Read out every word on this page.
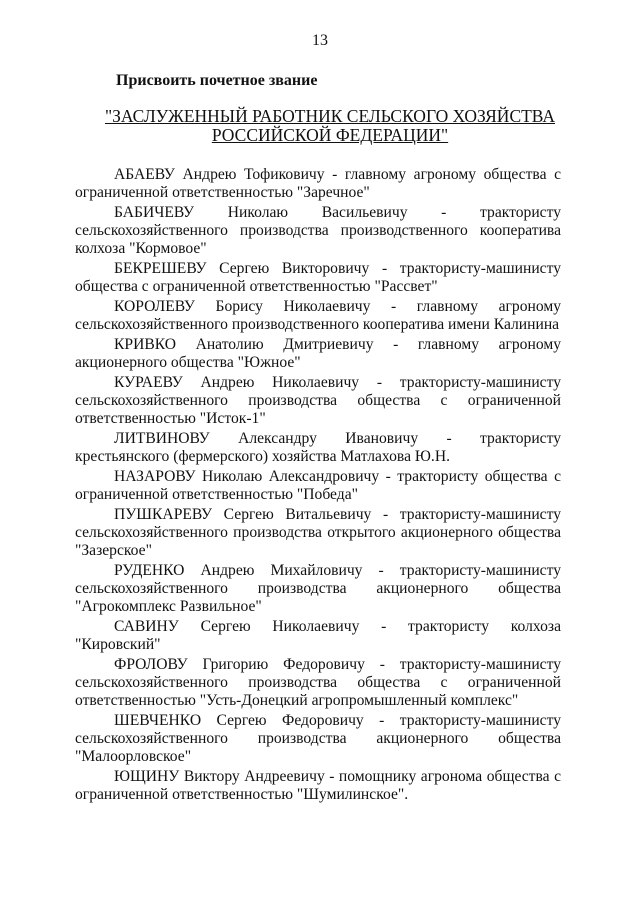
13
Присвоить почетное звание
"ЗАСЛУЖЕННЫЙ РАБОТНИК СЕЛЬСКОГО ХОЗЯЙСТВА
РОССИЙСКОЙ ФЕДЕРАЦИИ"

АБАЕВУ Андрею Тофиковичу - главному агроному общества с ограниченной ответственностью "Заречное"

БАБИЧЕВУ Николаю Васильевичу - трактористу сельскохозяйственного производства производственного кооператива колхоза "Кормовое"

БЕКРЕШЕВУ Сергею Викторовичу - трактористу-машинисту общества с ограниченной ответственностью "Рассвет"

КОРОЛЕВУ Борису Николаевичу - главному агроному сельскохозяйственного производственного кооператива имени Калинина

КРИВКО Анатолию Дмитриевичу - главному агроному акционерного общества "Южное"

КУРАЕВУ Андрею Николаевичу - трактористу-машинисту сельскохозяйственного производства общества с ограниченной ответственностью "Исток-1"

ЛИТВИНОВУ Александру Ивановичу - трактористу крестьянского (фермерского) хозяйства Матлахова Ю.Н.

НАЗАРОВУ Николаю Александровичу - трактористу общества с ограниченной ответственностью "Победа"

ПУШКАРЕВУ Сергею Витальевичу - трактористу-машинисту сельскохозяйственного производства открытого акционерного общества "Зазерское"

РУДЕНКО Андрею Михайловичу - трактористу-машинисту сельскохозяйственного производства акционерного общества "Агрокомплекс Развильное"

САВИНУ Сергею Николаевичу - трактористу колхоза "Кировский"

ФРОЛОВУ Григорию Федоровичу - трактористу-машинисту сельскохозяйственного производства общества с ограниченной ответственностью "Усть-Донецкий агропромышленный комплекс"

ШЕВЧЕНКО Сергею Федоровичу - трактористу-машинисту сельскохозяйственного производства акционерного общества "Малоорловское"

ЮЩИНУ Виктору Андреевичу - помощнику агронома общества с ограниченной ответственностью "Шумилинское".
